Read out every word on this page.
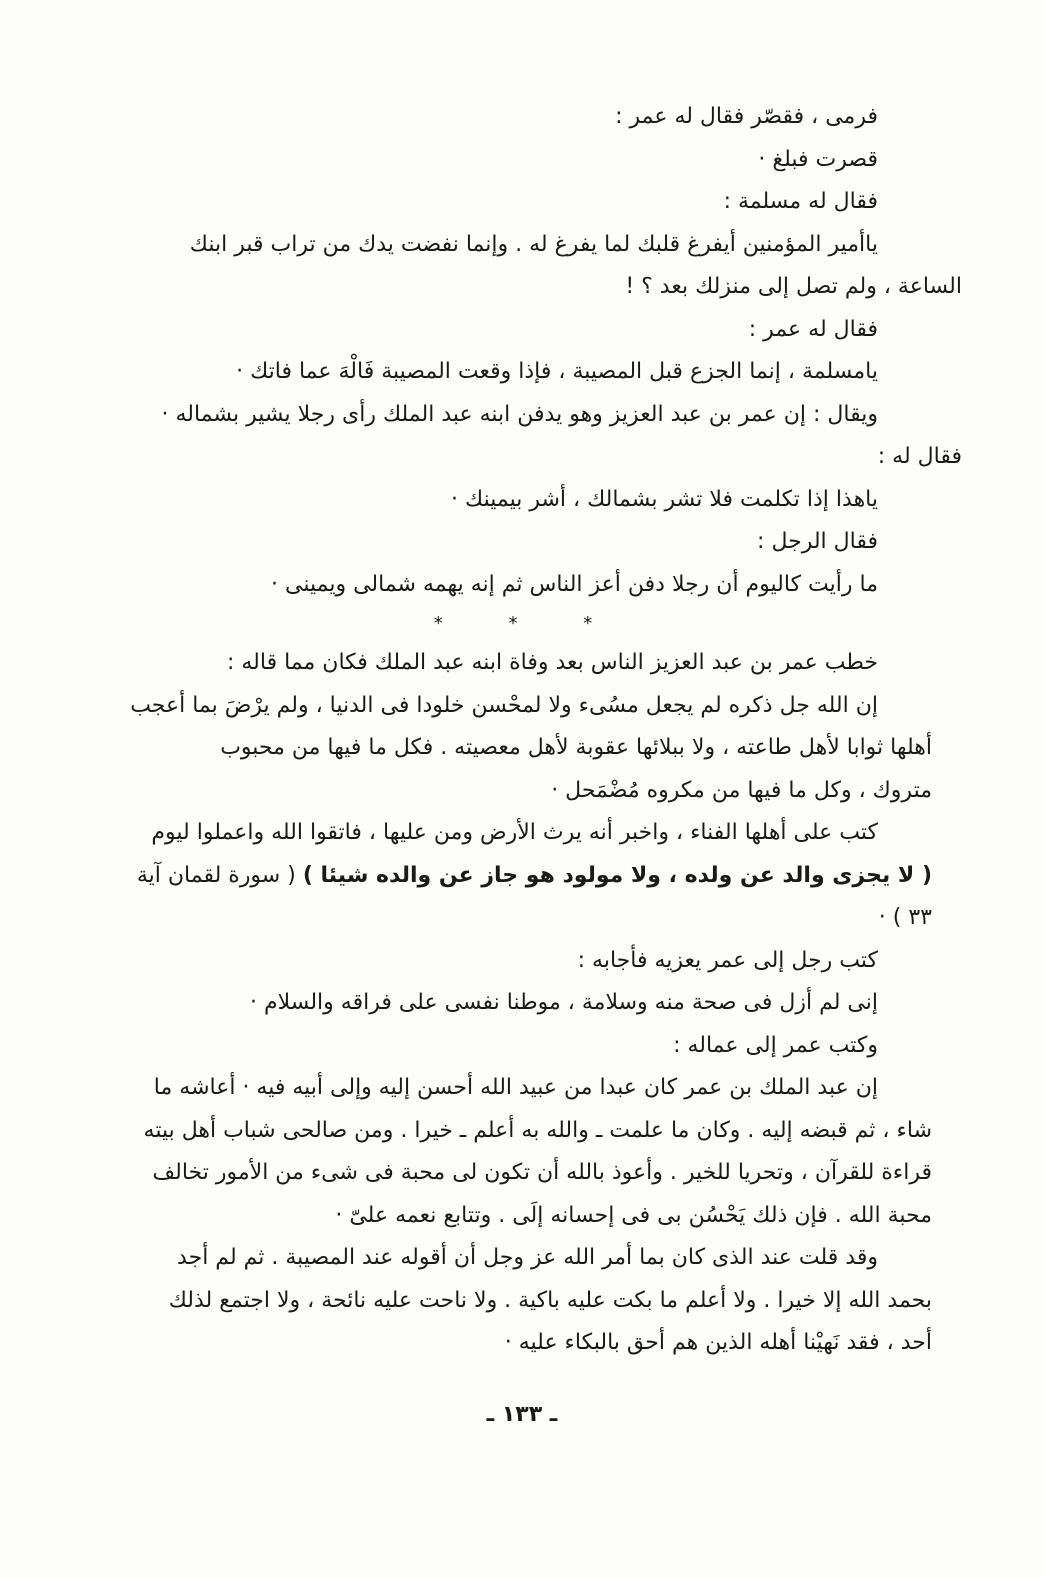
فرمى ، فقصّر فقال له عمر :

قصرت فبلغ ·

فقال له مسلمة :

ياأمير المؤمنين أيفرغ قلبك لما يفرغ له . وإنما نفضت يدك من تراب قبر ابنك

الساعة ، ولم تصل إلى منزلك بعد ؟ !

فقال له عمر :

يامسلمة ، إنما الجزع قبل المصيبة ، فإذا وقعت المصيبة فَالْهَ عما فاتك ·

ويقال : إن عمر بن عبد العزيز وهو يدفن ابنه عبد الملك رأى رجلا يشير بشماله ·

فقال له :

ياهذا إذا تكلمت فلا تشر بشمالك ، أشر بيمينك ·

فقال الرجل :

ما رأيت كاليوم أن رجلا دفن أعز الناس ثم إنه يهمه شمالى ويمينى ·

* * *

خطب عمر بن عبد العزيز الناس بعد وفاة ابنه عبد الملك فكان مما قاله :

إن الله جل ذكره لم يجعل مسُىء ولا لمحْسن خلودا فى الدنيا ، ولم يرْضَ بما أعجب

أهلها ثوابا لأهل طاعته ، ولا ببلائها عقوبة لأهل معصيته . فكل ما فيها من محبوب

متروك ، وكل ما فيها من مكروه مُضْمَحل ·

كتب على أهلها الفناء ، واخبر أنه يرث الأرض ومن عليها ، فاتقوا الله واعملوا ليوم

( لا يجزى والد عن ولده ، ولا مولود هو جاز عن والده شيئا ) ( سورة لقمان آية

٣٣ ) ·

كتب رجل إلى عمر يعزيه فأجابه :

إنى لم أزل فى صحة منه وسلامة ، موطنا نفسى على فراقه والسلام ·

وكتب عمر إلى عماله :

إن عبد الملك بن عمر كان عبدا من عبيد الله أحسن إليه وإلى أبيه فيه · أعاشه ما

شاء ، ثم قبضه إليه . وكان ما علمت ـ والله به أعلم ـ خيرا . ومن صالحى شباب أهل بيته

قراءة للقرآن ، وتحريا للخير . وأعوذ بالله أن تكون لى محبة فى شىء من الأمور تخالف

محبة الله . فإن ذلك يَحْسُن بى فى إحسانه إلَى . وتتابع نعمه علىّ ·

وقد قلت عند الذى كان بما أمر الله عز وجل أن أقوله عند المصيبة . ثم لم أجد

بحمد الله إلا خيرا . ولا أعلم ما بكت عليه باكية . ولا ناحت عليه نائحة ، ولا اجتمع لذلك

أحد ، فقد نَهيْنا أهله الذين هم أحق بالبكاء عليه ·

ـ ١٣٣ ـ
